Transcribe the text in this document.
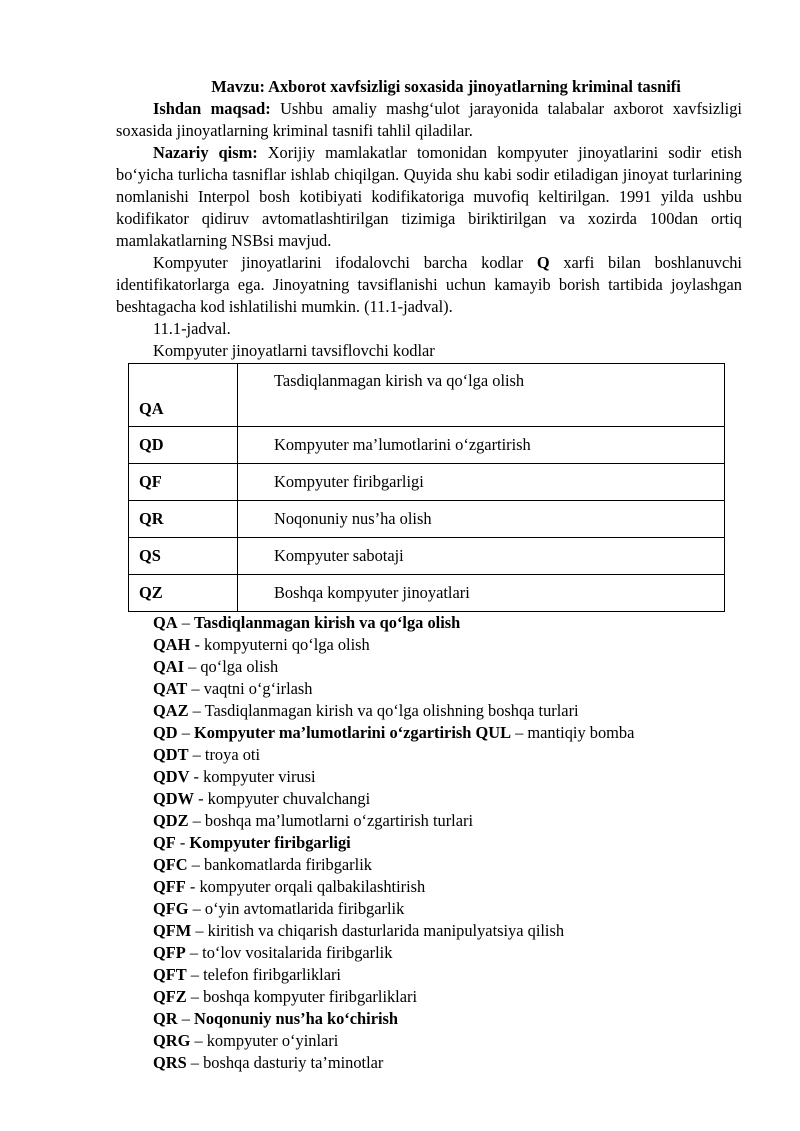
Mavzu: Axborot xavfsizligi soxasida jinoyatlarning kriminal tasnifi

Ishdan maqsad: Ushbu amaliy mashg‘ulot jarayonida talabalar axborot xavfsizligi soxasida jinoyatlarning kriminal tasnifi tahlil qiladilar.

Nazariy qism: Xorijiy mamlakatlar tomonidan kompyuter jinoyatlarini sodir etish bo‘yicha turlicha tasniflar ishlab chiqilgan. Quyida shu kabi sodir etiladigan jinoyat turlarining nomlanishi Interpol bosh kotibiyati kodifikatoriga muvofiq keltirilgan. 1991 yilda ushbu kodifikator qidiruv avtomatlashtirilgan tizimiga biriktirilgan va xozirda 100dan ortiq mamlakatlarning NSBsi mavjud.

Kompyuter jinoyatlarini ifodalovchi barcha kodlar Q xarfi bilan boshlanuvchi identifikatorlarga ega. Jinoyatning tavsiflanishi uchun kamayib borish tartibida joylashgan beshtagacha kod ishlatilishi mumkin. (11.1-jadval).

11.1-jadval.

Kompyuter jinoyatlarni tavsiflovchi kodlar

QA	Tasdiqlanmagan kirish va qo‘lga olish
QD	Kompyuter ma’lumotlarini o‘zgartirish
QF	Kompyuter firibgarligi
QR	Noqonuniy nus’ha olish
QS	Kompyuter sabotaji
QZ	Boshqa kompyuter jinoyatlari
QA – Tasdiqlanmagan kirish va qo‘lga olish
QAH - kompyuterni qo‘lga olish
QAI – qo‘lga olish
QAT – vaqtni o‘g‘irlash
QAZ – Tasdiqlanmagan kirish va qo‘lga olishning boshqa turlari
QD – Kompyuter ma’lumotlarini o‘zgartirish QUL – mantiqiy bomba
QDT – troya oti
QDV - kompyuter virusi
QDW - kompyuter chuvalchangi
QDZ – boshqa ma’lumotlarni o‘zgartirish turlari
QF - Kompyuter firibgarligi
QFC – bankomatlarda firibgarlik
QFF - kompyuter orqali qalbakilashtirish
QFG – o‘yin avtomatlarida firibgarlik
QFM – kiritish va chiqarish dasturlarida manipulyatsiya qilish
QFP – to‘lov vositalarida firibgarlik
QFT – telefon firibgarliklari
QFZ – boshqa kompyuter firibgarliklari
QR – Noqonuniy nus’ha ko‘chirish
QRG – kompyuter o‘yinlari
QRS – boshqa dasturiy ta’minotlar
